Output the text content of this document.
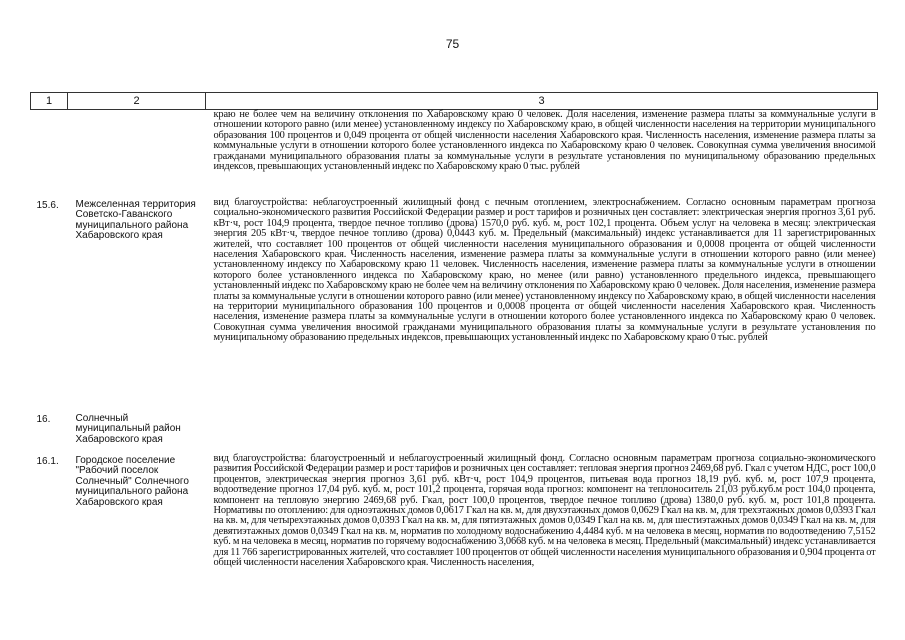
75
1	2	3
		краю не более чем на величину отклонения по Хабаровскому краю 0 человек. Доля населения, изменение размера платы за коммунальные услуги в отношении которого равно (или менее) установленному индексу по Хабаровскому краю, в общей численности населения на территории муниципального образования 100 процентов и 0,049 процента от общей численности населения Хабаровского края. Численность населения, изменение размера платы за коммунальные услуги в отношении которого более установленного индекса по Хабаровскому краю 0 человек. Совокупная сумма увеличения вносимой гражданами муниципального образования платы за коммунальные услуги в результате установления по муниципальному образованию предельных индексов, превышающих установленный индекс по Хабаровскому краю 0 тыс. рублей
15.6.	Межселенная территория Советско-Гаванского муниципального района Хабаровского края	вид благоустройства: неблагоустроенный жилищный фонд с печным отоплением, электроснабжением. Согласно основным параметрам прогноза социально-экономического развития Российской Федерации размер и рост тарифов и розничных цен составляет: электрическая энергия прогноз 3,61 руб. кВт·ч, рост 104,9 процента, твердое печное топливо (дрова) 1570,0 руб. куб. м, рост 102,1 процента. Объем услуг на человека в месяц: электрическая энергия 205 кВт·ч, твердое печное топливо (дрова) 0,0443 куб. м. Предельный (максимальный) индекс устанавливается для 11 зарегистрированных жителей, что составляет 100 процентов от общей численности населения муниципального образования и 0,0008 процента от общей численности населения Хабаровского края. Численность населения, изменение размера платы за коммунальные услуги в отношении которого равно (или менее) установленному индексу по Хабаровскому краю 11 человек. Численность населения, изменение размера платы за коммунальные услуги в отношении которого более установленного индекса по Хабаровскому краю, но менее (или равно) установленного предельного индекса, превышающего установленный индекс по Хабаровскому краю не более чем на величину отклонения по Хабаровскому краю 0 человек. Доля населения, изменение размера платы за коммунальные услуги в отношении которого равно (или менее) установленному индексу по Хабаровскому краю, в общей численности населения на территории муниципального образования 100 процентов и 0,0008 процента от общей численности населения Хабаровского края. Численность населения, изменение размера платы за коммунальные услуги в отношении которого более установленного индекса по Хабаровскому краю 0 человек. Совокупная сумма увеличения вносимой гражданами муниципального образования платы за коммунальные услуги в результате установления по муниципальному образованию предельных индексов, превышающих установленный индекс по Хабаровскому краю 0 тыс. рублей
16.	Солнечный муниципальный район Хабаровского края	
16.1.	Городское поселение "Рабочий поселок Солнечный" Солнечного муниципального района Хабаровского края	вид благоустройства: благоустроенный и неблагоустроенный жилищный фонд. Согласно основным параметрам прогноза социально-экономического развития Российской Федерации размер и рост тарифов и розничных цен составляет: тепловая энергия прогноз 2469,68 руб. Гкал с учетом НДС, рост 100,0 процентов, электрическая энергия прогноз 3,61 руб. кВт·ч, рост 104,9 процентов, питьевая вода прогноз 18,19 руб. куб. м, рост 107,9 процента, водоотведение прогноз 17,04 руб. куб. м, рост 101,2 процента, горячая вода прогноз: компонент на теплоноситель 21,03 руб.куб.м рост 104,0 процента, компонент на тепловую энергию 2469,68 руб. Гкал, рост 100,0 процентов, твердое печное топливо (дрова) 1380,0 руб. куб. м, рост 101,8 процента. Нормативы по отоплению: для одноэтажных домов 0,0617 Гкал на кв. м, для двухэтажных домов 0,0629 Гкал на кв. м, для трехэтажных домов 0,0393 Гкал на кв. м, для четырехэтажных домов 0,0393 Гкал на кв. м, для пятиэтажных домов 0,0349 Гкал на кв. м, для шестиэтажных домов 0,0349 Гкал на кв. м, для девятиэтажных домов 0,0349 Гкал на кв. м, норматив по холодному водоснабжению 4,4484 куб. м на человека в месяц, норматив по водоотведению 7,5152 куб. м на человека в месяц, норматив по горячему водоснабжению 3,0668 куб. м на человека в месяц. Предельный (максимальный) индекс устанавливается для 11 766 зарегистрированных жителей, что составляет 100 процентов от общей численности населения муниципального образования и 0,904 процента от общей численности населения Хабаровского края. Численность населения,
